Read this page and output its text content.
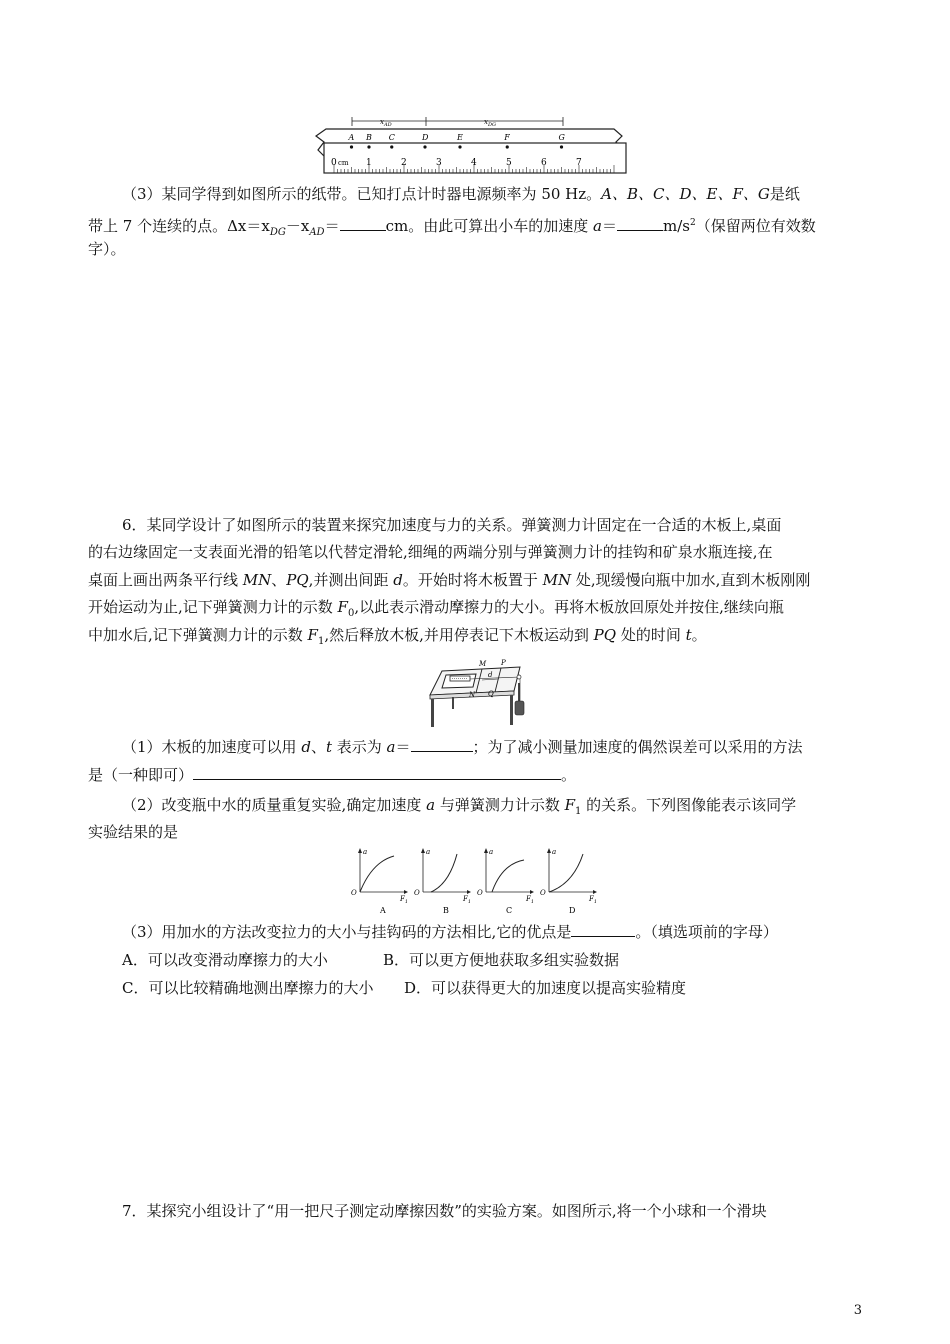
$x_{AD}$	$x_{DG}$
A B C	D	E	F	G
0	1	2	3	4	5	6	7
cm
（3）某同学得到如图所示的纸带。已知打点计时器电源频率为 50 Hz。A、B、C、D、E、F、G是纸
带上 7 个连续的点。$\Delta x=x_{DG}-x_{AD}=$	cm。由此可算出小车的加速度 a＝	$m/s^2$（保留两位有效数
字）。
6．某同学设计了如图所示的装置来探究加速度与力的关系。弹簧测力计固定在一合适的木板上,桌面
的右边缘固定一支表面光滑的铅笔以代替定滑轮,细绳的两端分别与弹簧测力计的挂钩和矿泉水瓶连接,在
桌面上画出两条平行线 MN、PQ,并测出间距 d。开始时将木板置于 MN 处,现缓慢向瓶中加水,直到木板刚刚
开始运动为止,记下弹簧测力计的示数 $F_0$,以此表示滑动摩擦力的大小。再将木板放回原处并按住,继续向瓶
中加水后,记下弹簧测力计的示数 $F_1$,然后释放木板,并用停表记下木板运动到 PQ 处的时间 t。
M P
N Q
d
（1）木板的加速度可以用 d、t 表示为 a＝	；为了减小测量加速度的偶然误差可以采用的方法
是（一种即可）	。
（2）改变瓶中水的质量重复实验,确定加速度 a 与弹簧测力计示数 $F_1$ 的关系。下列图像能表示该同学
实验结果的是
a
O
$F_1$
A
a
O
$F_1$
B
a
O
$F_1$
C
a
O
$F_1$
D
（3）用加水的方法改变拉力的大小与挂钩码的方法相比,它的优点是	。（填选项前的字母）
A．可以改变滑动摩擦力的大小	B．可以更方便地获取多组实验数据
C．可以比较精确地测出摩擦力的大小 D．可以获得更大的加速度以提高实验精度
7．某探究小组设计了“用一把尺子测定动摩擦因数”的实验方案。如图所示,将一个小球和一个滑块
3
